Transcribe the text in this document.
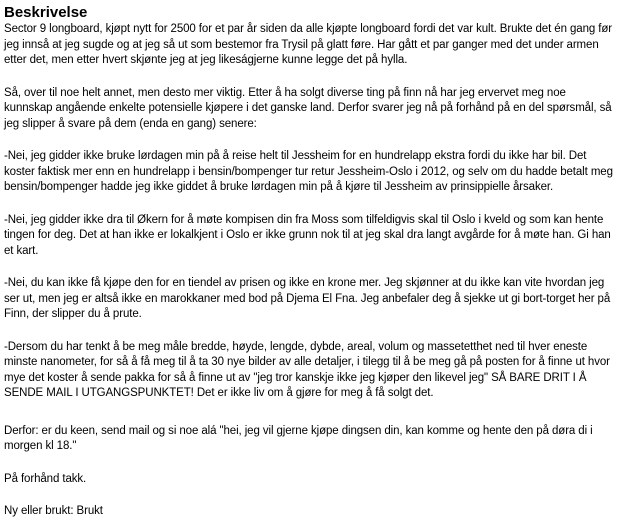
Beskrivelse

Sector 9 longboard, kjøpt nytt for 2500 for et par år siden da alle kjøpte longboard fordi det var kult. Brukte det én gang før jeg innså at jeg sugde og at jeg så ut som bestemor fra Trysil på glatt føre. Har gått et par ganger med det under armen etter det, men etter hvert skjønte jeg at jeg likeságjerne kunne legge det på hylla.

Så, over til noe helt annet, men desto mer viktig. Etter å ha solgt diverse ting på finn nå har jeg ervervet meg noe kunnskap angående enkelte potensielle kjøpere i det ganske land. Derfor svarer jeg nå på forhånd på en del spørsmål, så jeg slipper å svare på dem (enda en gang) senere:

-Nei, jeg gidder ikke bruke lørdagen min på å reise helt til Jessheim for en hundrelapp ekstra fordi du ikke har bil. Det koster faktisk mer enn en hundrelapp i bensin/bompenger tur retur Jessheim-Oslo i 2012, og selv om du hadde betalt meg bensin/bompenger hadde jeg ikke giddet å bruke lørdagen min på å kjøre til Jessheim av prinsippielle årsaker.

-Nei, jeg gidder ikke dra til Økern for å møte kompisen din fra Moss som tilfeldigvis skal til Oslo i kveld og som kan hente tingen for deg. Det at han ikke er lokalkjent i Oslo er ikke grunn nok til at jeg skal dra langt avgårde for å møte han. Gi han et kart.

-Nei, du kan ikke få kjøpe den for en tiendel av prisen og ikke en krone mer. Jeg skjønner at du ikke kan vite hvordan jeg ser ut, men jeg er altså ikke en marokkaner med bod på Djema El Fna. Jeg anbefaler deg å sjekke ut gi bort-torget her på Finn, der slipper du å prute.

-Dersom du har tenkt å be meg måle bredde, høyde, lengde, dybde, areal, volum og massetetthet ned til hver eneste minste nanometer, for så å få meg til å ta 30 nye bilder av alle detaljer, i tilegg til å be meg gå på posten for å finne ut hvor mye det koster å sende pakka for så å finne ut av "jeg tror kanskje ikke jeg kjøper den likevel jeg" SÅ BARE DRIT I Å SENDE MAIL I UTGANGSPUNKTET! Det er ikke liv om å gjøre for meg å få solgt det.

Derfor: er du keen, send mail og si noe alá "hei, jeg vil gjerne kjøpe dingsen din, kan komme og hente den på døra di i morgen kl 18."

På forhånd takk.

Ny eller brukt: Brukt
